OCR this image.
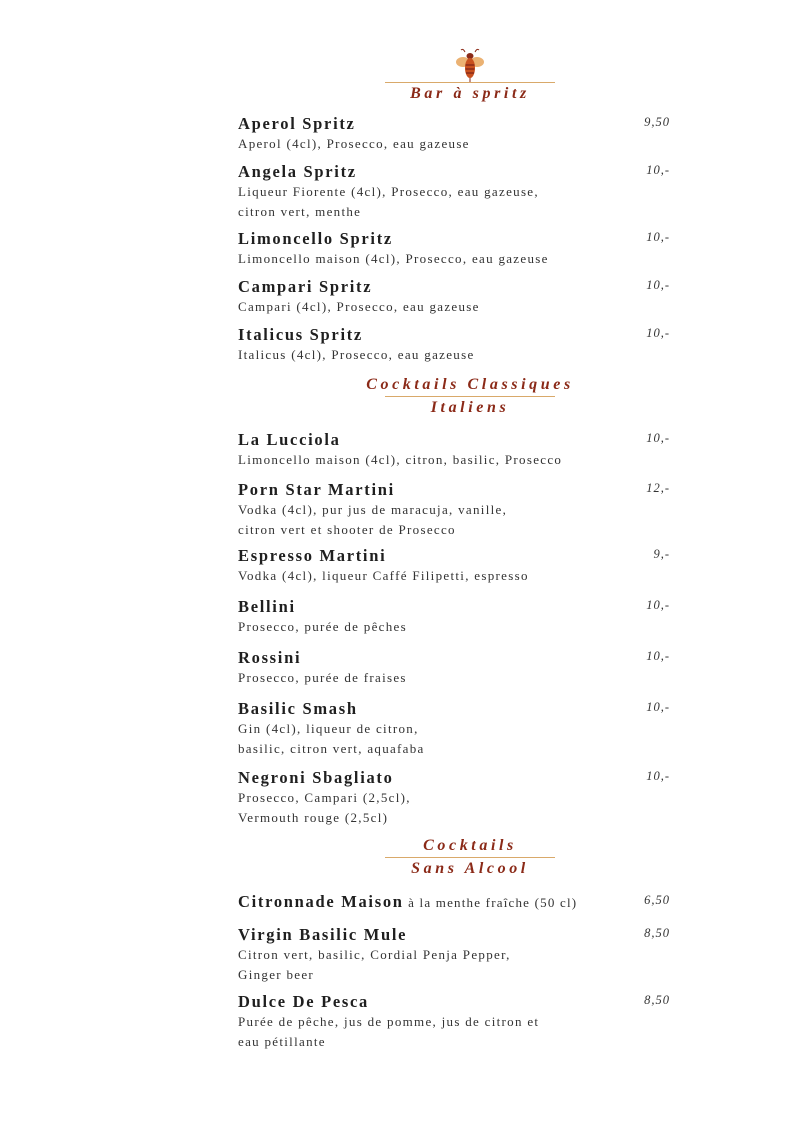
Bar à spritz
Aperol Spritz
Aperol (4cl), Prosecco, eau gazeuse
9,50
Angela Spritz
Liqueur Fiorente (4cl), Prosecco, eau gazeuse,
citron vert, menthe
10,-
Limoncello Spritz
Limoncello maison (4cl), Prosecco, eau gazeuse
10,-
Campari Spritz
Campari (4cl), Prosecco, eau gazeuse
10,-
Italicus Spritz
Italicus (4cl), Prosecco, eau gazeuse
10,-
Cocktails Classiques
Italiens
La Lucciola
Limoncello maison (4cl), citron, basilic, Prosecco
10,-
Porn Star Martini
Vodka (4cl), pur jus de maracuja, vanille,
citron vert et shooter de Prosecco
12,-
Espresso Martini
Vodka (4cl), liqueur Caffé Filipetti, espresso
9,-
Bellini
Prosecco, purée de pêches
10,-
Rossini
Prosecco, purée de fraises
10,-
Basilic Smash
Gin (4cl), liqueur de citron,
basilic, citron vert, aquafaba
10,-
Negroni Sbagliato
Prosecco, Campari (2,5cl),
Vermouth rouge (2,5cl)
10,-
Cocktails
Sans Alcool
Citronnade Maison à la menthe fraîche (50 cl)	6,50
Virgin Basilic Mule
Citron vert, basilic, Cordial Penja Pepper,
Ginger beer
8,50
Dulce De Pesca
Purée de pêche, jus de pomme, jus de citron et
eau pétillante
8,50
